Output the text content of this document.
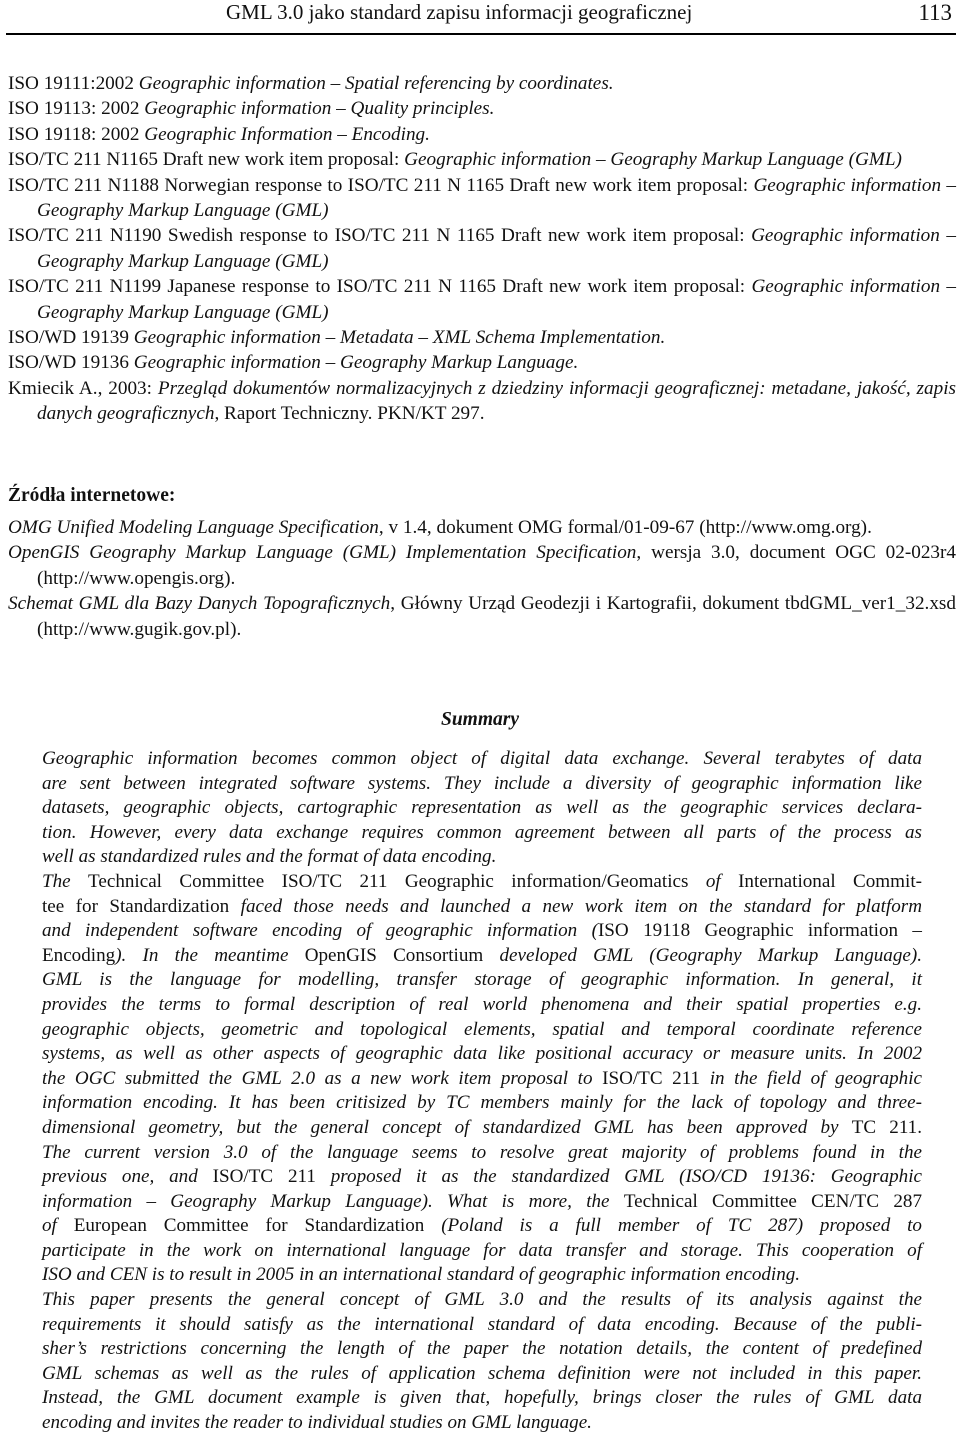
GML 3.0 jako standard zapisu informacji geograficznej	113

ISO 19111:2002 Geographic information – Spatial referencing by coordinates.

ISO 19113: 2002 Geographic information – Quality principles.

ISO 19118: 2002 Geographic Information – Encoding.

ISO/TC 211 N1165 Draft new work item proposal: Geographic information – Geography Markup Language (GML)

ISO/TC 211 N1188 Norwegian response to ISO/TC 211 N 1165 Draft new work item proposal: Geographic information – Geography Markup Language (GML)

ISO/TC 211 N1190 Swedish response to ISO/TC 211 N 1165 Draft new work item proposal: Geographic information – Geography Markup Language (GML)

ISO/TC 211 N1199 Japanese response to ISO/TC 211 N 1165 Draft new work item proposal: Geographic information – Geography Markup Language (GML)

ISO/WD 19139 Geographic information – Metadata – XML Schema Implementation.

ISO/WD 19136 Geographic information – Geography Markup Language.

Kmiecik A., 2003: Przegląd dokumentów normalizacyjnych z dziedziny informacji geograficznej: metadane, jakość, zapis danych geograficznych, Raport Techniczny. PKN/KT 297.

Źródła internetowe:

OMG Unified Modeling Language Specification, v 1.4, dokument OMG formal/01-09-67 (http://www.omg.org).

OpenGIS Geography Markup Language (GML) Implementation Specification, wersja 3.0, document OGC 02-023r4 (http://www.opengis.org).

Schemat GML dla Bazy Danych Topograficznych, Główny Urząd Geodezji i Kartografii, dokument tbdGML_ver1_32.xsd (http://www.gugik.gov.pl).

Summary
Geographic information becomes common object of digital data exchange. Several terabytes of data
are sent between integrated software systems. They include a diversity of geographic information like
datasets, geographic objects, cartographic representation as well as the geographic services declara-
tion. However, every data exchange requires common agreement between all parts of the process as
well as standardized rules and the format of data encoding.
The Technical Committee ISO/TC 211 Geographic information/Geomatics of International Commit-
tee for Standardization faced those needs and launched a new work item on the standard for platform
and independent software encoding of geographic information (ISO 19118 Geographic information –
Encoding). In the meantime OpenGIS Consortium developed GML (Geography Markup Language).
GML is the language for modelling, transfer storage of geographic information. In general, it
provides the terms to formal description of real world phenomena and their spatial properties e.g.
geographic objects, geometric and topological elements, spatial and temporal coordinate reference
systems, as well as other aspects of geographic data like positional accuracy or measure units. In 2002
the OGC submitted the GML 2.0 as a new work item proposal to ISO/TC 211 in the field of geographic
information encoding. It has been critisized by TC members mainly for the lack of topology and three-
dimensional geometry, but the general concept of standardized GML has been approved by TC 211.
The current version 3.0 of the language seems to resolve great majority of problems found in the
previous one, and ISO/TC 211 proposed it as the standardized GML (ISO/CD 19136: Geographic
information – Geography Markup Language). What is more, the Technical Committee CEN/TC 287
of European Committee for Standardization (Poland is a full member of TC 287) proposed to
participate in the work on international language for data transfer and storage. This cooperation of
ISO and CEN is to result in 2005 in an international standard of geographic information encoding.
This paper presents the general concept of GML 3.0 and the results of its analysis against the
requirements it should satisfy as the international standard of data encoding. Because of the publi-
sher’s restrictions concerning the length of the paper the notation details, the content of predefined
GML schemas as well as the rules of application schema definition were not included in this paper.
Instead, the GML document example is given that, hopefully, brings closer the rules of GML data
encoding and invites the reader to individual studies on GML language.
